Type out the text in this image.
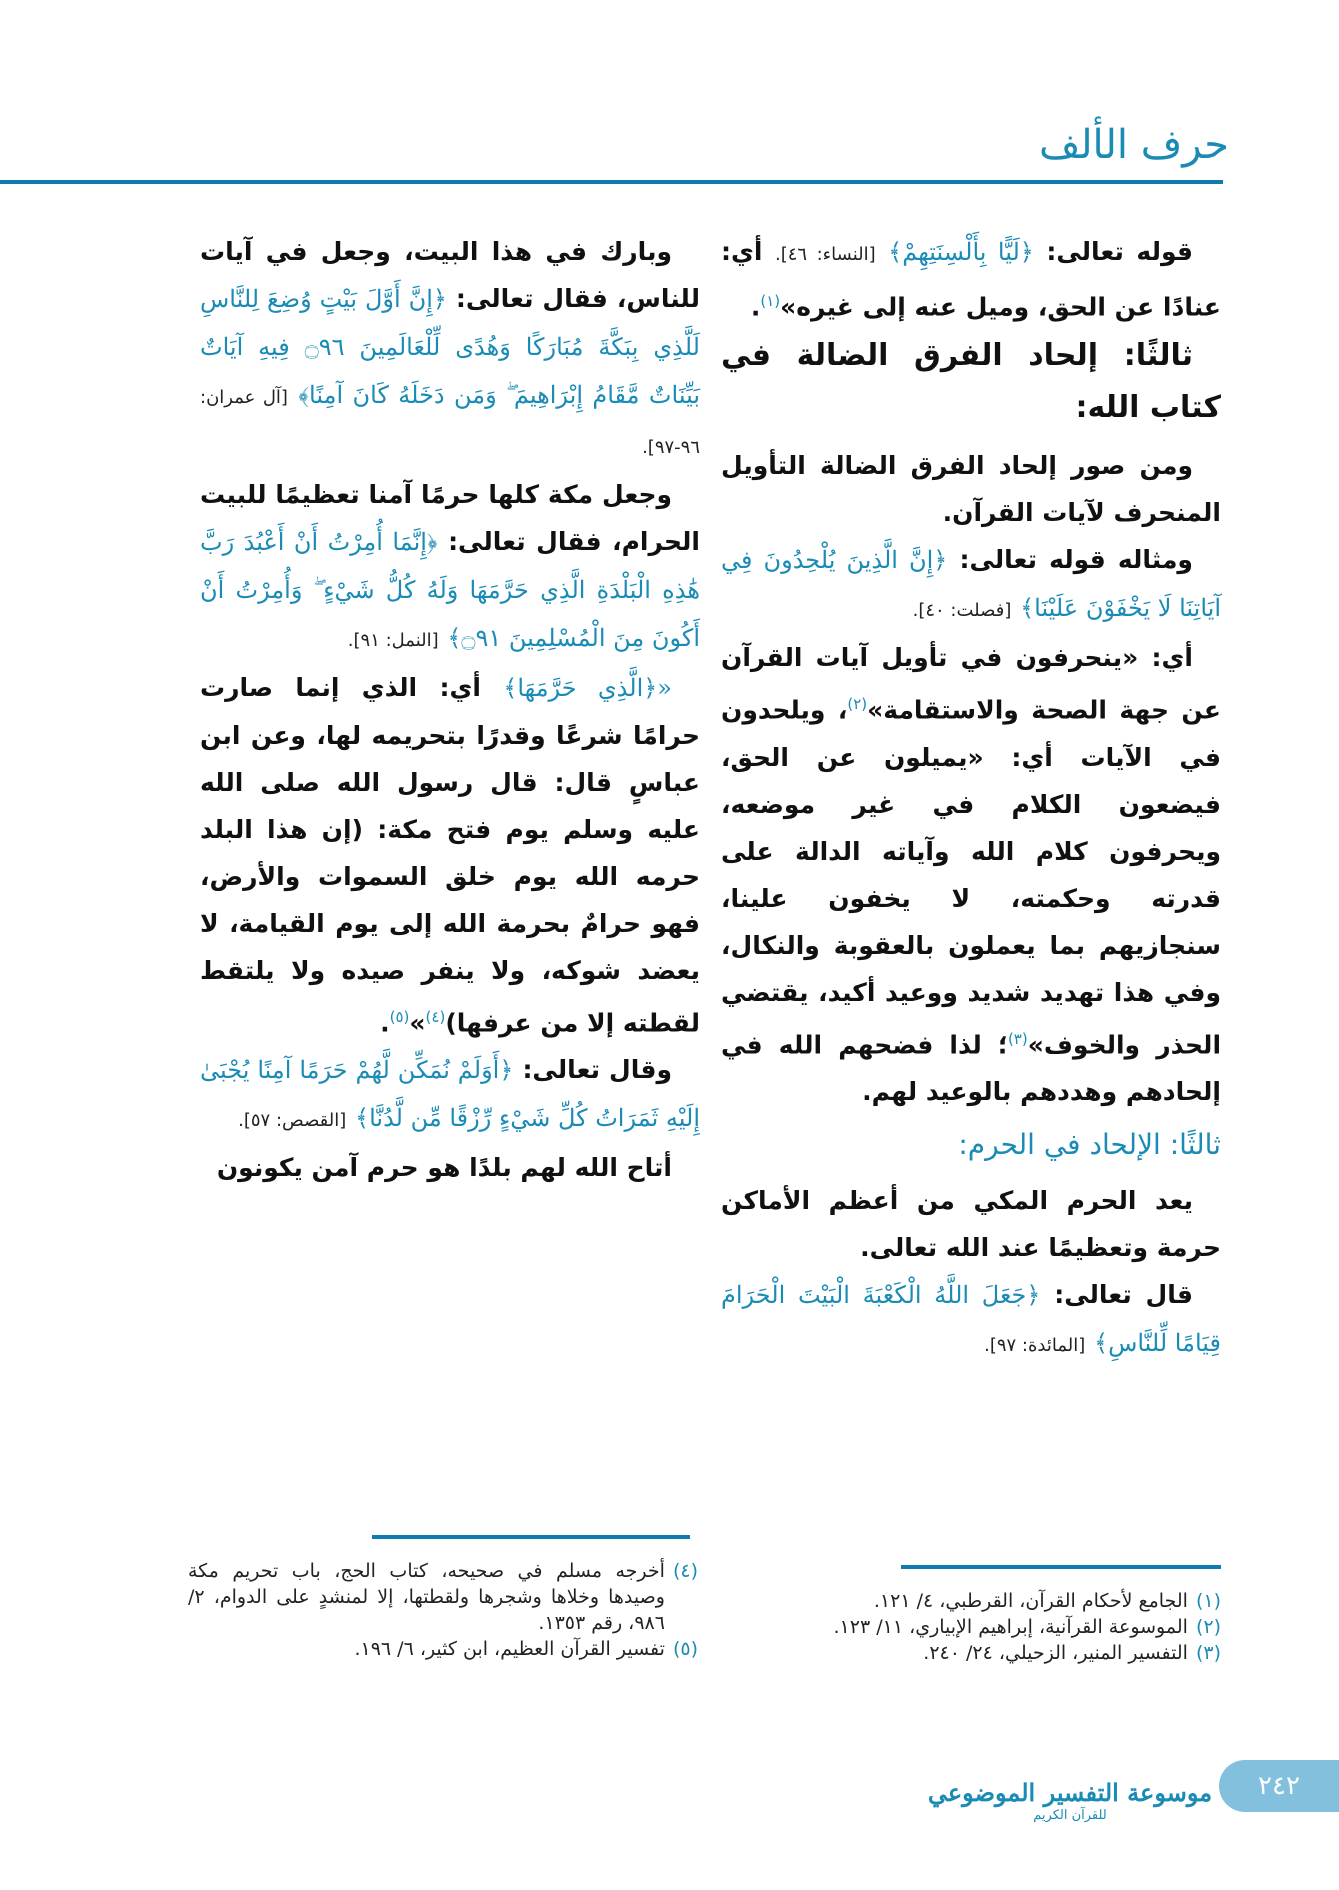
حرف الألف

قوله تعالى: ﴿لَيًّا بِأَلْسِنَتِهِمْ﴾ [النساء: ٤٦]. أي: عنادًا عن الحق، وميل عنه إلى غيره»$^{(١)}$.

ثالثًا: إلحاد الفرق الضالة في كتاب الله:

ومن صور إلحاد الفرق الضالة التأويل المنحرف لآيات القرآن.

ومثاله قوله تعالى: ﴿إِنَّ الَّذِينَ يُلْحِدُونَ فِي آيَاتِنَا لَا يَخْفَوْنَ عَلَيْنَا﴾ [فصلت: ٤٠].

أي: «ينحرفون في تأويل آيات القرآن عن جهة الصحة والاستقامة»$^{(٢)}$، ويلحدون في الآيات أي: «يميلون عن الحق، فيضعون الكلام في غير موضعه، ويحرفون كلام الله وآياته الدالة على قدرته وحكمته، لا يخفون علينا، سنجازيهم بما يعملون بالعقوبة والنكال، وفي هذا تهديد شديد ووعيد أكيد، يقتضي الحذر والخوف»$^{(٣)}$؛ لذا فضحهم الله في إلحادهم وهددهم بالوعيد لهم.

ثالثًا: الإلحاد في الحرم:

يعد الحرم المكي من أعظم الأماكن حرمة وتعظيمًا عند الله تعالى.

قال تعالى: ﴿جَعَلَ اللَّهُ الْكَعْبَةَ الْبَيْتَ الْحَرَامَ قِيَامًا لِّلنَّاسِ﴾ [المائدة: ٩٧].

(١)
الجامع لأحكام القرآن، القرطبي، ٤/ ١٢١.

(٢)
الموسوعة القرآنية، إبراهيم الإبياري، ١١/ ١٢٣.

(٣)
التفسير المنير، الزحيلي، ٢٤/ ٢٤٠.

وبارك في هذا البيت، وجعل في آيات للناس، فقال تعالى: ﴿إِنَّ أَوَّلَ بَيْتٍ وُضِعَ لِلنَّاسِ لَلَّذِي بِبَكَّةَ مُبَارَكًا وَهُدًى لِّلْعَالَمِينَ ۝٩٦ فِيهِ آيَاتٌ بَيِّنَاتٌ مَّقَامُ إِبْرَاهِيمَ ۖ وَمَن دَخَلَهُ كَانَ آمِنًا﴾ [آل عمران: ٩٦-٩٧].

وجعل مكة كلها حرمًا آمنا تعظيمًا للبيت الحرام، فقال تعالى: ﴿إِنَّمَا أُمِرْتُ أَنْ أَعْبُدَ رَبَّ هَٰذِهِ الْبَلْدَةِ الَّذِي حَرَّمَهَا وَلَهُ كُلُّ شَيْءٍ ۖ وَأُمِرْتُ أَنْ أَكُونَ مِنَ الْمُسْلِمِينَ ۝٩١﴾ [النمل: ٩١].

«﴿الَّذِي حَرَّمَهَا﴾ أي: الذي إنما صارت حرامًا شرعًا وقدرًا بتحريمه لها، وعن ابن عباسٍ قال: قال رسول الله صلى الله عليه وسلم يوم فتح مكة: (إن هذا البلد حرمه الله يوم خلق السموات والأرض، فهو حرامٌ بحرمة الله إلى يوم القيامة، لا يعضد شوكه، ولا ينفر صيده ولا يلتقط لقطته إلا من عرفها)$^{(٤)}$»$^{(٥)}$.

وقال تعالى: ﴿أَوَلَمْ نُمَكِّن لَّهُمْ حَرَمًا آمِنًا يُجْبَىٰ إِلَيْهِ ثَمَرَاتُ كُلِّ شَيْءٍ رِّزْقًا مِّن لَّدُنَّا﴾ [القصص: ٥٧].

أتاح الله لهم بلدًا هو حرم آمن يكونون

(٤)
أخرجه مسلم في صحيحه، كتاب الحج، باب تحريم مكة وصيدها وخلاها وشجرها ولقطتها، إلا لمنشدٍ على الدوام، ٢/ ٩٨٦، رقم ١٣٥٣.

(٥)
تفسير القرآن العظيم، ابن كثير، ٦/ ١٩٦.

موسوعة التفسير الموضوعي
للقرآن الكريم
٢٤٢
